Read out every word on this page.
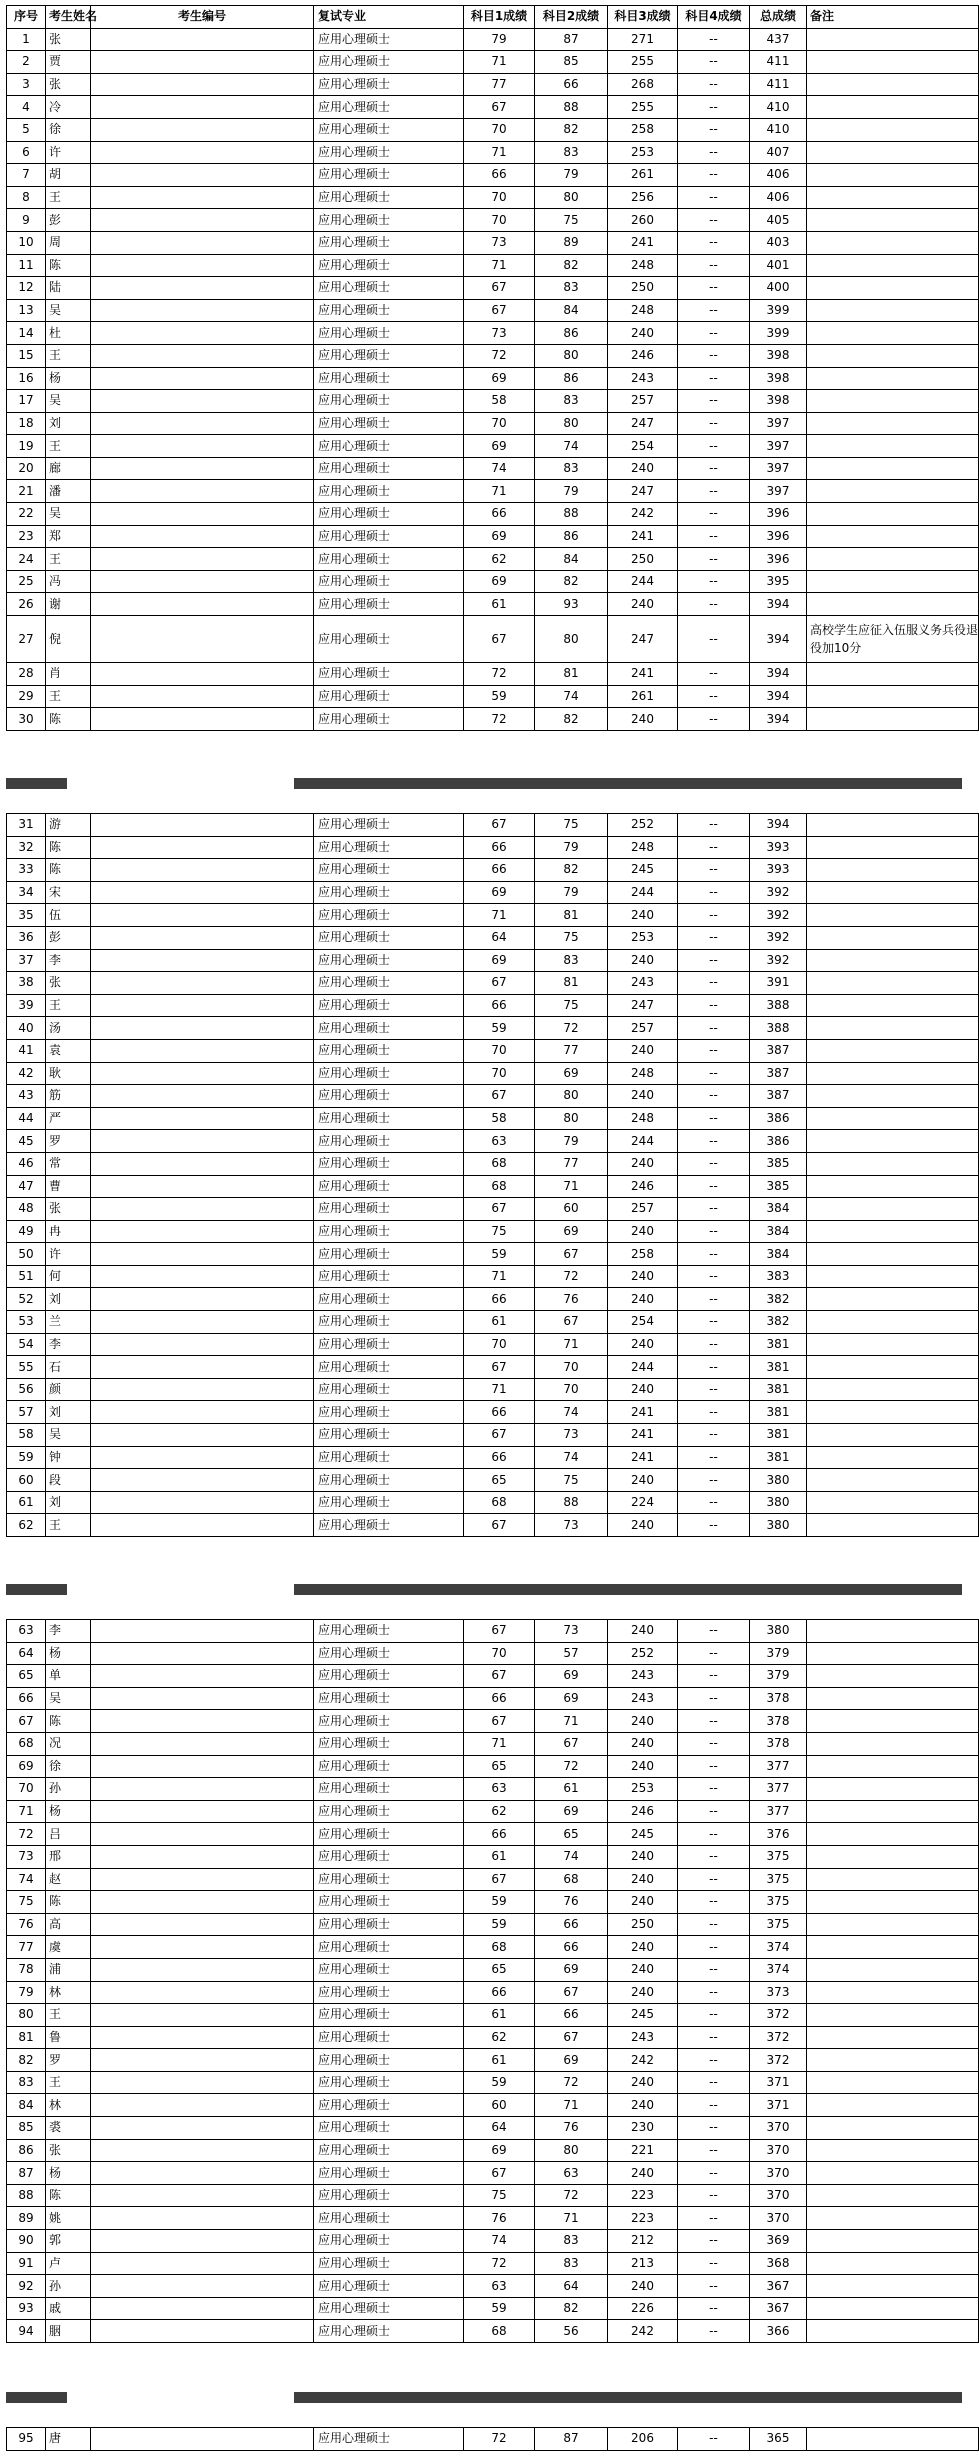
序号	考生姓名	考生编号	复试专业	科目1成绩	科目2成绩	科目3成绩	科目4成绩	总成绩	备注
1	张		应用心理硕士	79	87	271	--	437	
2	贾		应用心理硕士	71	85	255	--	411	
3	张		应用心理硕士	77	66	268	--	411	
4	冷		应用心理硕士	67	88	255	--	410	
5	徐		应用心理硕士	70	82	258	--	410	
6	许		应用心理硕士	71	83	253	--	407	
7	胡		应用心理硕士	66	79	261	--	406	
8	王		应用心理硕士	70	80	256	--	406	
9	彭		应用心理硕士	70	75	260	--	405	
10	周		应用心理硕士	73	89	241	--	403	
11	陈		应用心理硕士	71	82	248	--	401	
12	陆		应用心理硕士	67	83	250	--	400	
13	吴		应用心理硕士	67	84	248	--	399	
14	杜		应用心理硕士	73	86	240	--	399	
15	王		应用心理硕士	72	80	246	--	398	
16	杨		应用心理硕士	69	86	243	--	398	
17	吴		应用心理硕士	58	83	257	--	398	
18	刘		应用心理硕士	70	80	247	--	397	
19	王		应用心理硕士	69	74	254	--	397	
20	廊		应用心理硕士	74	83	240	--	397	
21	潘		应用心理硕士	71	79	247	--	397	
22	吴		应用心理硕士	66	88	242	--	396	
23	郑		应用心理硕士	69	86	241	--	396	
24	王		应用心理硕士	62	84	250	--	396	
25	冯		应用心理硕士	69	82	244	--	395	
26	谢		应用心理硕士	61	93	240	--	394	
27	倪		应用心理硕士	67	80	247	--	394	高校学生应征入伍服义务兵役退役加10分
28	肖		应用心理硕士	72	81	241	--	394	
29	王		应用心理硕士	59	74	261	--	394	
30	陈		应用心理硕士	72	82	240	--	394	
31	游		应用心理硕士	67	75	252	--	394	
32	陈		应用心理硕士	66	79	248	--	393	
33	陈		应用心理硕士	66	82	245	--	393	
34	宋		应用心理硕士	69	79	244	--	392	
35	伍		应用心理硕士	71	81	240	--	392	
36	彭		应用心理硕士	64	75	253	--	392	
37	李		应用心理硕士	69	83	240	--	392	
38	张		应用心理硕士	67	81	243	--	391	
39	王		应用心理硕士	66	75	247	--	388	
40	汤		应用心理硕士	59	72	257	--	388	
41	袁		应用心理硕士	70	77	240	--	387	
42	耿		应用心理硕士	70	69	248	--	387	
43	筋		应用心理硕士	67	80	240	--	387	
44	严		应用心理硕士	58	80	248	--	386	
45	罗		应用心理硕士	63	79	244	--	386	
46	常		应用心理硕士	68	77	240	--	385	
47	曹		应用心理硕士	68	71	246	--	385	
48	张		应用心理硕士	67	60	257	--	384	
49	冉		应用心理硕士	75	69	240	--	384	
50	许		应用心理硕士	59	67	258	--	384	
51	何		应用心理硕士	71	72	240	--	383	
52	刘		应用心理硕士	66	76	240	--	382	
53	兰		应用心理硕士	61	67	254	--	382	
54	李		应用心理硕士	70	71	240	--	381	
55	石		应用心理硕士	67	70	244	--	381	
56	颜		应用心理硕士	71	70	240	--	381	
57	刘		应用心理硕士	66	74	241	--	381	
58	吴		应用心理硕士	67	73	241	--	381	
59	钟		应用心理硕士	66	74	241	--	381	
60	段		应用心理硕士	65	75	240	--	380	
61	刘		应用心理硕士	68	88	224	--	380	
62	王		应用心理硕士	67	73	240	--	380	
63	李		应用心理硕士	67	73	240	--	380	
64	杨		应用心理硕士	70	57	252	--	379	
65	单		应用心理硕士	67	69	243	--	379	
66	吴		应用心理硕士	66	69	243	--	378	
67	陈		应用心理硕士	67	71	240	--	378	
68	况		应用心理硕士	71	67	240	--	378	
69	徐		应用心理硕士	65	72	240	--	377	
70	孙		应用心理硕士	63	61	253	--	377	
71	杨		应用心理硕士	62	69	246	--	377	
72	吕		应用心理硕士	66	65	245	--	376	
73	邢		应用心理硕士	61	74	240	--	375	
74	赵		应用心理硕士	67	68	240	--	375	
75	陈		应用心理硕士	59	76	240	--	375	
76	高		应用心理硕士	59	66	250	--	375	
77	虞		应用心理硕士	68	66	240	--	374	
78	浦		应用心理硕士	65	69	240	--	374	
79	林		应用心理硕士	66	67	240	--	373	
80	王		应用心理硕士	61	66	245	--	372	
81	鲁		应用心理硕士	62	67	243	--	372	
82	罗		应用心理硕士	61	69	242	--	372	
83	王		应用心理硕士	59	72	240	--	371	
84	林		应用心理硕士	60	71	240	--	371	
85	裘		应用心理硕士	64	76	230	--	370	
86	张		应用心理硕士	69	80	221	--	370	
87	杨		应用心理硕士	67	63	240	--	370	
88	陈		应用心理硕士	75	72	223	--	370	
89	姚		应用心理硕士	76	71	223	--	370	
90	郭		应用心理硕士	74	83	212	--	369	
91	卢		应用心理硕士	72	83	213	--	368	
92	孙		应用心理硕士	63	64	240	--	367	
93	戚		应用心理硕士	59	82	226	--	367	
94	胭		应用心理硕士	68	56	242	--	366	
95	唐		应用心理硕士	72	87	206	--	365	
